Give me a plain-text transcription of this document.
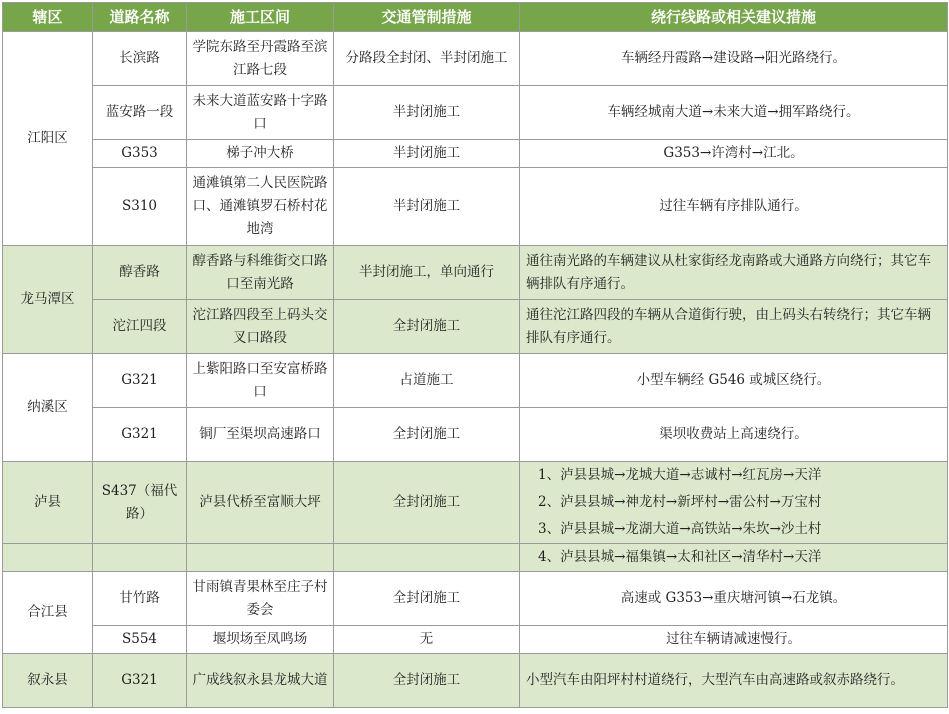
辖区	道路名称	施工区间	交通管制措施	绕行线路或相关建议措施
江阳区	长滨路	学院东路至丹霞路至滨江路七段	分路段全封闭、半封闭施工	车辆经丹霞路→建设路→阳光路绕行。
	蓝安路一段	未来大道蓝安路十字路口	半封闭施工	车辆经城南大道→未来大道→拥军路绕行。
	G353	梯子冲大桥	半封闭施工	G353→许湾村→江北。
	S310	通滩镇第二人民医院路口、通滩镇罗石桥村花地湾	半封闭施工	过往车辆有序排队通行。
龙马潭区	醇香路	醇香路与科维街交口路口至南光路	半封闭施工，单向通行	通往南光路的车辆建议从杜家街经龙南路或大通路方向绕行；其它车辆排队有序通行。
	沱江四段	沱江路四段至上码头交叉口路段	全封闭施工	通往沱江路四段的车辆从合道街行驶，由上码头右转绕行；其它车辆排队有序通行。
纳溪区	G321	上紫阳路口至安富桥路口	占道施工	小型车辆经 G546 或城区绕行。
	G321	铜厂至渠坝高速路口	全封闭施工	渠坝收费站上高速绕行。
泸县	S437（福代路）	泸县代桥至富顺大坪	全封闭施工	1、泸县县城→龙城大道→志诚村→红瓦房→天洋
2、泸县县城→神龙村→新坪村→雷公村→万宝村
3、泸县县城→龙湖大道→高铁站→朱坎→沙土村

				4、泸县县城→福集镇→太和社区→清华村→天洋
合江县	甘竹路	甘雨镇青果林至庄子村委会	全封闭施工	高速或 G353→重庆塘河镇→石龙镇。
	S554	堰坝场至凤鸣场	无	过往车辆请减速慢行。
叙永县	G321	广成线叙永县龙城大道	全封闭施工	小型汽车由阳坪村村道绕行，大型汽车由高速路或叙赤路绕行。
